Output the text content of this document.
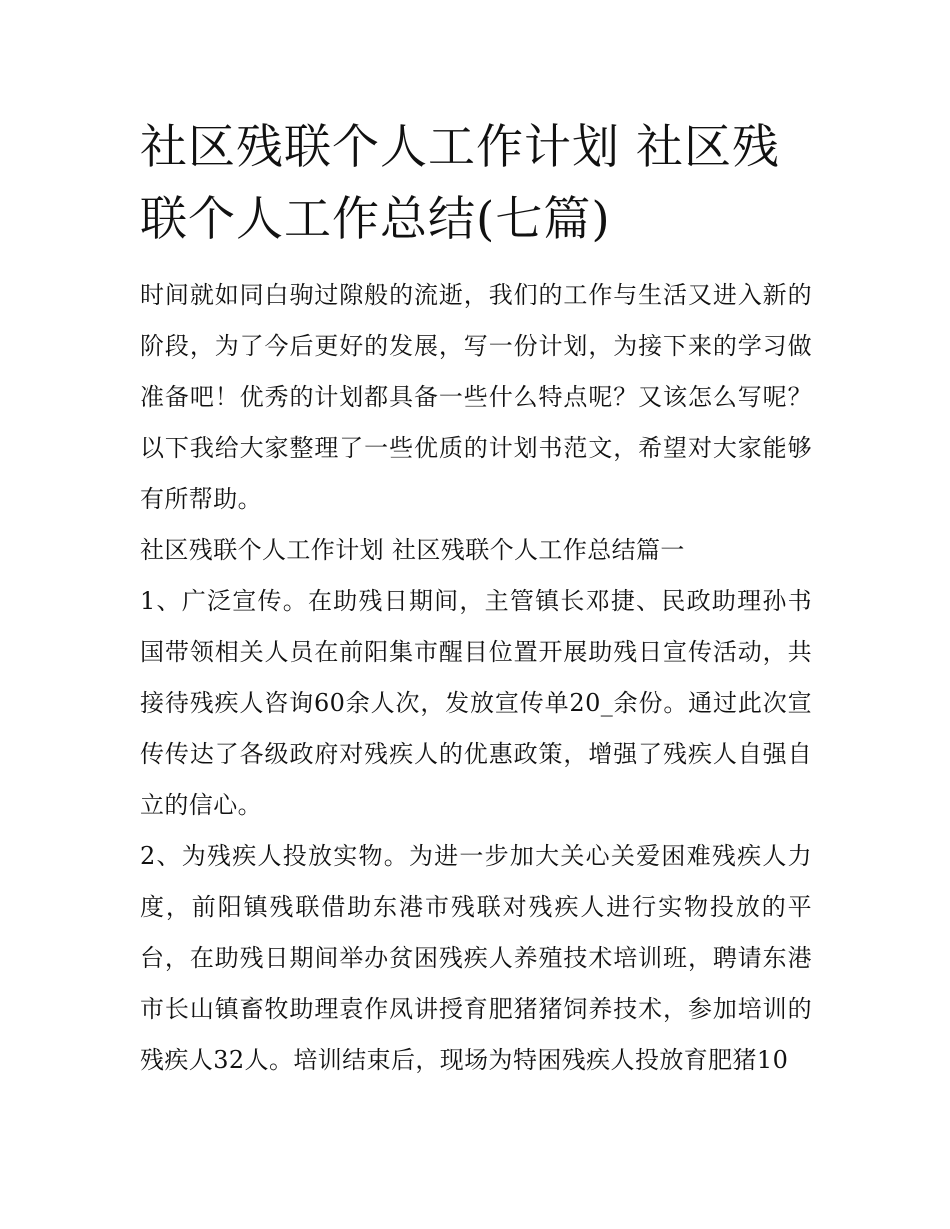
社区残联个人工作计划 社区残联个人工作总结(七篇)

时间就如同白驹过隙般的流逝，我们的工作与生活又进入新的阶段，为了今后更好的发展，写一份计划，为接下来的学习做准备吧！优秀的计划都具备一些什么特点呢？又该怎么写呢？以下我给大家整理了一些优质的计划书范文，希望对大家能够有所帮助。

社区残联个人工作计划 社区残联个人工作总结篇一

1、广泛宣传。在助残日期间，主管镇长邓捷、民政助理孙书国带领相关人员在前阳集市醒目位置开展助残日宣传活动，共接待残疾人咨询60余人次，发放宣传单20_余份。通过此次宣传传达了各级政府对残疾人的优惠政策，增强了残疾人自强自立的信心。

2、为残疾人投放实物。为进一步加大关心关爱困难残疾人力度，前阳镇残联借助东港市残联对残疾人进行实物投放的平台，在助残日期间举办贫困残疾人养殖技术培训班，聘请东港市长山镇畜牧助理袁作凤讲授育肥猪猪饲养技术，参加培训的残疾人32人。培训结束后，现场为特困残疾人投放育肥猪10
